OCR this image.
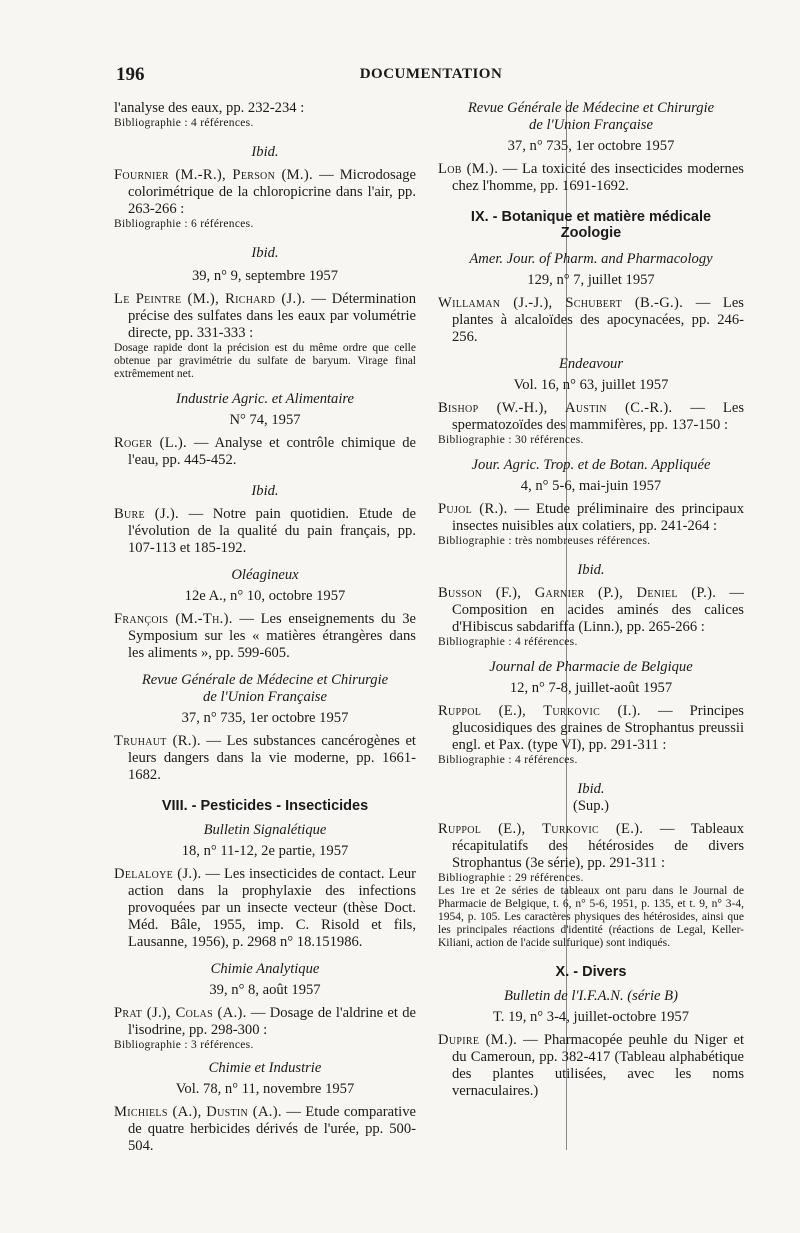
196	DOCUMENTATION

l'analyse des eaux, pp. 232-234 :

Bibliographie : 4 références.

Ibid.

Fournier (M.-R.), Person (M.). — Microdosage colorimétrique de la chloropicrine dans l'air, pp. 263-266 :

Bibliographie : 6 références.

Ibid.

39, n° 9, septembre 1957

Le Peintre (M.), Richard (J.). — Détermination précise des sulfates dans les eaux par volumétrie directe, pp. 331-333 :

Dosage rapide dont la précision est du même ordre que celle obtenue par gravimétrie du sulfate de baryum. Virage final extrêmement net.

Industrie Agric. et Alimentaire

N° 74, 1957

Roger (L.). — Analyse et contrôle chimique de l'eau, pp. 445-452.

Ibid.

Bure (J.). — Notre pain quotidien. Etude de l'évolution de la qualité du pain français, pp. 107-113 et 185-192.

Oléagineux

12e A., n° 10, octobre 1957

François (M.-Th.). — Les enseignements du 3e Symposium sur les « matières étrangères dans les aliments », pp. 599-605.

Revue Générale de Médecine et Chirurgie

de l'Union Française

37, n° 735, 1er octobre 1957

Truhaut (R.). — Les substances cancérogènes et leurs dangers dans la vie moderne, pp. 1661-1682.

VIII. - Pesticides - Insecticides

Bulletin Signalétique

18, n° 11-12, 2e partie, 1957

Delaloye (J.). — Les insecticides de contact. Leur action dans la prophylaxie des infections provoquées par un insecte vecteur (thèse Doct. Méd. Bâle, 1955, imp. C. Risold et fils, Lausanne, 1956), p. 2968 n° 18.151986.

Chimie Analytique

39, n° 8, août 1957

Prat (J.), Colas (A.). — Dosage de l'aldrine et de l'isodrine, pp. 298-300 :

Bibliographie : 3 références.

Chimie et Industrie

Vol. 78, n° 11, novembre 1957

Michiels (A.), Dustin (A.). — Etude comparative de quatre herbicides dérivés de l'urée, pp. 500-504.

Revue Générale de Médecine et Chirurgie

de l'Union Française

37, n° 735, 1er octobre 1957

Lob (M.). — La toxicité des insecticides modernes chez l'homme, pp. 1691-1692.

IX. - Botanique et matière médicale

Zoologie

Amer. Jour. of Pharm. and Pharmacology

129, n° 7, juillet 1957

Willaman (J.-J.), Schubert (B.-G.). — Les plantes à alcaloïdes des apocynacées, pp. 246-256.

Endeavour

Vol. 16, n° 63, juillet 1957

Bishop (W.-H.), Austin (C.-R.). — Les spermatozoïdes des mammifères, pp. 137-150 :

Bibliographie : 30 références.

Jour. Agric. Trop. et de Botan. Appliquée

4, n° 5-6, mai-juin 1957

Pujol (R.). — Etude préliminaire des principaux insectes nuisibles aux colatiers, pp. 241-264 :

Bibliographie : très nombreuses références.

Ibid.

Busson (F.), Garnier (P.), Deniel (P.). — Composition en acides aminés des calices d'Hibiscus sabdariffa (Linn.), pp. 265-266 :

Bibliographie : 4 références.

Journal de Pharmacie de Belgique

12, n° 7-8, juillet-août 1957

Ruppol (E.), Turkovic (I.). — Principes glucosidiques des graines de Strophantus preussii engl. et Pax. (type VI), pp. 291-311 :

Bibliographie : 4 références.

Ibid.

(Sup.)

Ruppol (E.), Turkovic (E.). — Tableaux récapitulatifs des hétérosides de divers Strophantus (3e série), pp. 291-311 :

Bibliographie : 29 références.

Les 1re et 2e séries de tableaux ont paru dans le Journal de Pharmacie de Belgique, t. 6, n° 5-6, 1951, p. 135, et t. 9, n° 3-4, 1954, p. 105. Les caractères physiques des hétérosides, ainsi que les principales réactions d'identité (réactions de Legal, Keller-Kiliani, action de l'acide sulfurique) sont indiqués.

X. - Divers

Bulletin de l'I.F.A.N. (série B)

T. 19, n° 3-4, juillet-octobre 1957

Dupire (M.). — Pharmacopée peuhle du Niger et du Cameroun, pp. 382-417 (Tableau alphabétique des plantes utilisées, avec les noms vernaculaires.)
